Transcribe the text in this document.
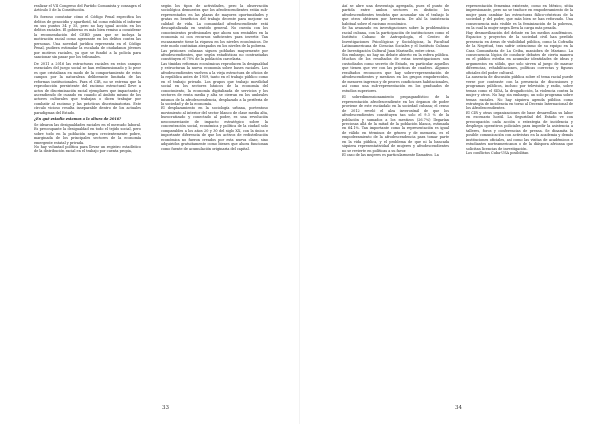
realizar el VII Congreso del Partido Comunista y consagra el Artículo 5 de la Constitución.

Es forzoso constatar cómo el Código Penal especifica los delitos de genocidio y apartheid, tal como exhibía el informe en sus puntos 34 y 35, pero no hay igual acción en los delitos raciales. El gobierno es más bien remiso a considerar la recomendación del CERD para que se incluya la motivación racial como agravante en los delitos contra las personas. Una novedad jurídica representa en el Código Penal, pudiera estimular la escalada de ciudadanos jóvenes por motivos raciales, ya que se fundió a la policía para sancionar sin pasar por los tribunales.

De 2011 a 2016 las estructuras raciales en estos campos esenciales del juego social se han redimensionado y lo peor es que cristalizan en modo de la comportamiento de estos campos por la naturaleza deliberante limitada de las reformas institucionales. Para el CIR, no se estrena que la reproducción persistente del racismo estructural lleve a actos de discriminación racial ejemplares que impactarán y ascendiendo de cuando en cuando al ámbito mismo de los actores culturales que trabajan o dicen trabajar por combatir al racismo y las prácticas discriminatorias. Este círculo vicioso resulta inseparable dentro de los actuales paradigmas del Estado.

¿En qué estadio estamos a la altura de 2016?

Se idearon las desigualdades raciales en el mercado laboral. Es preocupante la desigualdad en todo el tejido social, pero sobre todo en la población negra crecientemente pobre, marginada de los principales sectores de la economía emergente estatal y privada.

No hay voluntad política para llevar un registro estadístico de la distribución racial en el trabajo por cuenta propia,

según los tipos de actividades, pero la observación sociológica demuestra que los afrodescendientes están sub-representados en las plazas de mayores oportunidades y gratas en beneficios del trabajo decente para mejorar su calidad de vida. La comunidad afrodescendiente está descapitalizada en sentido general. No cuenta con los conocimientos profesionales que ahora son rentables en la economía ni con recursos suficientes para invertir. Tan escasamente tiene la riqueza en los niveles económicos. De este modo continúan atrapados en los niveles de la pobreza.

Las prisiones cubanas siguen pobladas mayormente por afrodescendientes, que según estadísticas no contrastadas constituyen el 70% de la población carcelaria.

Las tímidas reformas económicas reproducen la desigualdad y estructuran la nueva economía sobre bases raciales. Los afrodescendientes vuelven a la vieja estructura de oficios de la república antes de 1959, tanto en el trabajo público como en el trabajo privado. Los grupos que trabajo movilidad social en los sectores básicos de la economía del conocimiento, la economía digitalizada de servicios y los sectores de renta media y alta se cierran en los umbrales mismos de la afrodescendencia, desplazado a la periferia de la sociedad y de la economía.

El desplazamiento en la sociología urbana, portentoso movimiento al interior del sector blanco de clase media alta, burocratizado y conectado al poder, es una revolución neocomerciante de impacto estratégico sobre la concentración social, económica y política de la ciudad solo comparables a los años 20 y 30 del siglo XX, con la única e importante diferencia de que los activos de redistribución económica no fueron creados por esta nueva clase, sino adquiridos gratuitamente como bienes que ahora funcionan como fuente de acumulación originaria del capital.

33

Así se abre una desventaja agregada, pues el punto de partida entre ambos sectores es distinto: los afrodescendientes tendrán que acumular sin el trabajo lo que otros obtienen por herencia. De ahí la insistencia habitual sobre el racismo económico.

Se ha avanzado en investigaciones sobre la problemática racial cubana, con la participación de instituciones como el Instituto Cubano de Antropología, el Centro de Investigaciones Psicológicas y Sociológicas, la Facultad Latinoamericana de Ciencias Sociales y el Instituto Cubano de Investigación Cultural Juan Marinello, entre otras.

Sin embargo, no hay un debate abierto en la esfera pública. Muchos de los resultados de estas investigaciones son custodiados como secreto de Estado, en particular aquellos que tienen que ver con las prácticas de cuadros. Algunos resultados reconocen que hay sobre-representación de afrodescendientes y mestizos en los grupos empobrecidos, de menores ingresos y de peores condiciones habitacionales, así como una sub-representación en los graduados de estudios superiores.

El sobredimensionamiento propagandístico de la representación afrodescendiente en los órganos de poder proviene de este escándalo en la sociedad cubana; el censo de 2012 reveló el alza inverosímil de que los afrodescendientes constituyen tan solo el 9.3 % de la población y sumados a los mestizos (26.7%) llegarían preciosas allá de la mitad de la población blanca, estimada en 64.1%. Tan importante como la representación es igual de válido en términos de género y de memoria, es el empoderamiento de la afrodescendencia para tomar parte en la vida pública, y el problema de que ni la bancada siquiera representatividad de mujeres y afrodescendientes no se revierte en políticas a su favor.

El caso de las mujeres es particularmente llamativo. La

representación femenina existente, como en México, sitúa impresionante, pero no se traduce en empoderamiento de la mujer para cambiar las estructuras fálico-céntricas de la sociedad y del poder, que más bien se han reforzado. Una consecuencia más visible es la feminización de la pobreza, en la cual la mujer negra lleva la carga más pesada.

Hay desmovilización del debate en los medios académicos. Espacios y proyectos de la sociedad civil han perdido presencia en áreas de visibilidad pública, como la Cofradía de la Negritud, tras sufrir ostracismo de su equipo en la Casa Comunitaria de La Ceiba, maniobra de Mariano. La consecuencia lógica de conducir debates de cierta manera en el público estriba en acumular identidades de ideas y argumentos en sólido, que solo sirven al juego de marcar diferencias, rehabilitaciones, políticas correctas y figuras oficiales del poder cultural.

La ausencia de discusión pública sobre el tema racial puede verse por contraste con la presencia de discusiones y programas públicos, incluso por televisión y radio, sobre temas como el SIDA, la drogadicción, la violencia contra la mujer y otros. No hay, sin embargo, un solo programa sobre temas raciales. No hay siquiera agenda pública como estrategia de incidencia en torno al Decenio Internacional de los Afrodescendientes.

El CIR y otras organizaciones de base desarrollan su labor en escenario hostil. La Seguridad del Estado ve con preocupación cada acción o estrategia de incidencia y despliega operativos policiales para impedir la asistencia a talleres, foros y conferencias de prensa. Se dinamita la posible comunicación con activistas en la academia y demás instituciones oficiales, así como las visitas de académicos o estudiantes norteamericanos o de la diáspora africana que solicitan licencias de investigación.

Los conflictos Cuba-USA posibilitan

34
